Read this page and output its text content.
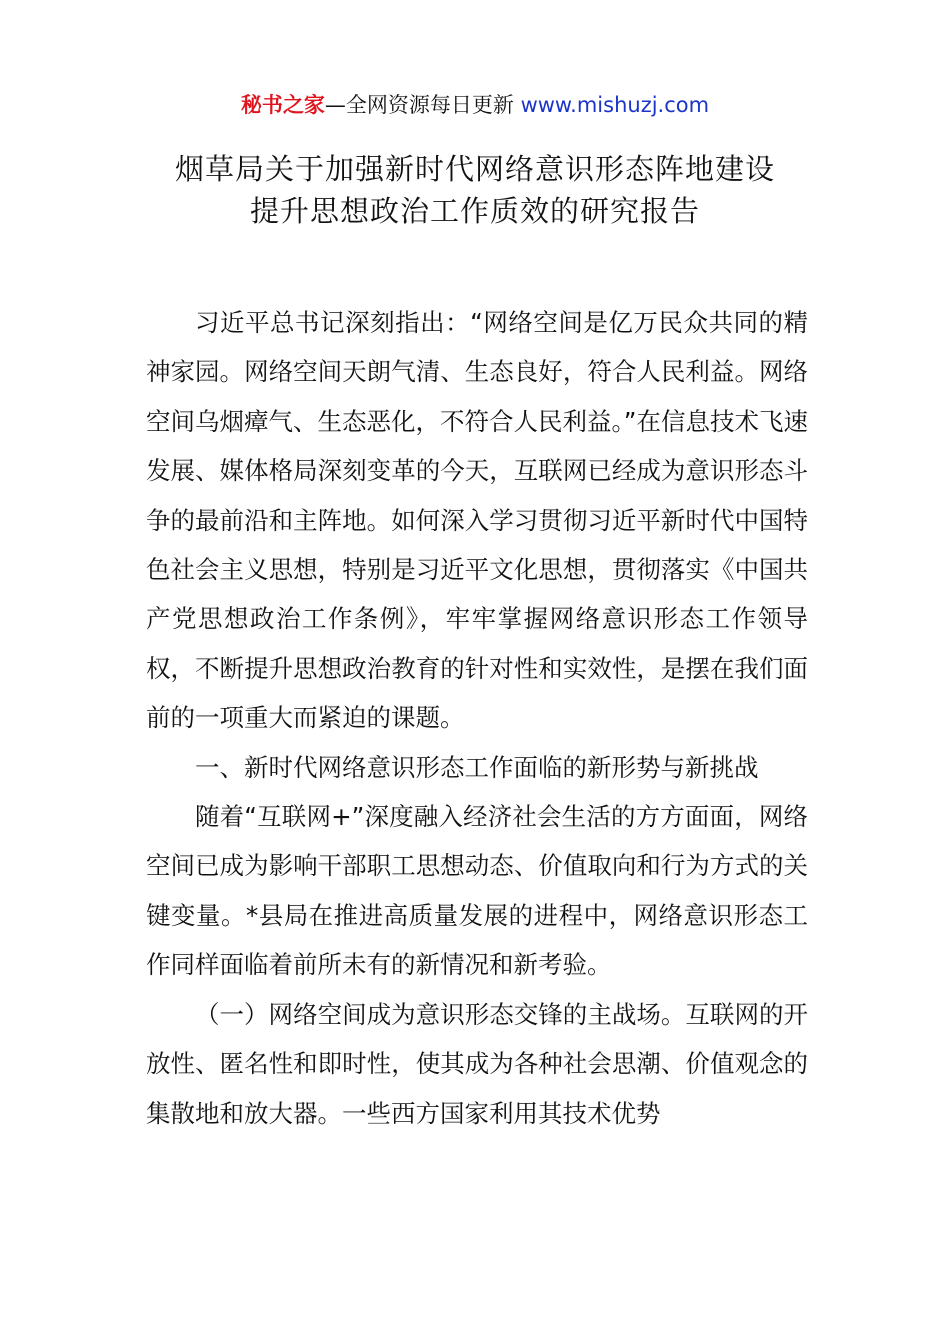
秘书之家—全网资源每日更新 www.mishuzj.com
烟草局关于加强新时代网络意识形态阵地建设
提升思想政治工作质效的研究报告

习近平总书记深刻指出：“网络空间是亿万民众共同的精神家园。网络空间天朗气清、生态良好，符合人民利益。网络空间乌烟瘴气、生态恶化，不符合人民利益。”在信息技术飞速发展、媒体格局深刻变革的今天，互联网已经成为意识形态斗争的最前沿和主阵地。如何深入学习贯彻习近平新时代中国特色社会主义思想，特别是习近平文化思想，贯彻落实《中国共产党思想政治工作条例》，牢牢掌握网络意识形态工作领导权，不断提升思想政治教育的针对性和实效性，是摆在我们面前的一项重大而紧迫的课题。

一、新时代网络意识形态工作面临的新形势与新挑战

随着“互联网+”深度融入经济社会生活的方方面面，网络空间已成为影响干部职工思想动态、价值取向和行为方式的关键变量。*县局在推进高质量发展的进程中，网络意识形态工作同样面临着前所未有的新情况和新考验。

（一）网络空间成为意识形态交锋的主战场。互联网的开放性、匿名性和即时性，使其成为各种社会思潮、价值观念的集散地和放大器。一些西方国家利用其技术优势
